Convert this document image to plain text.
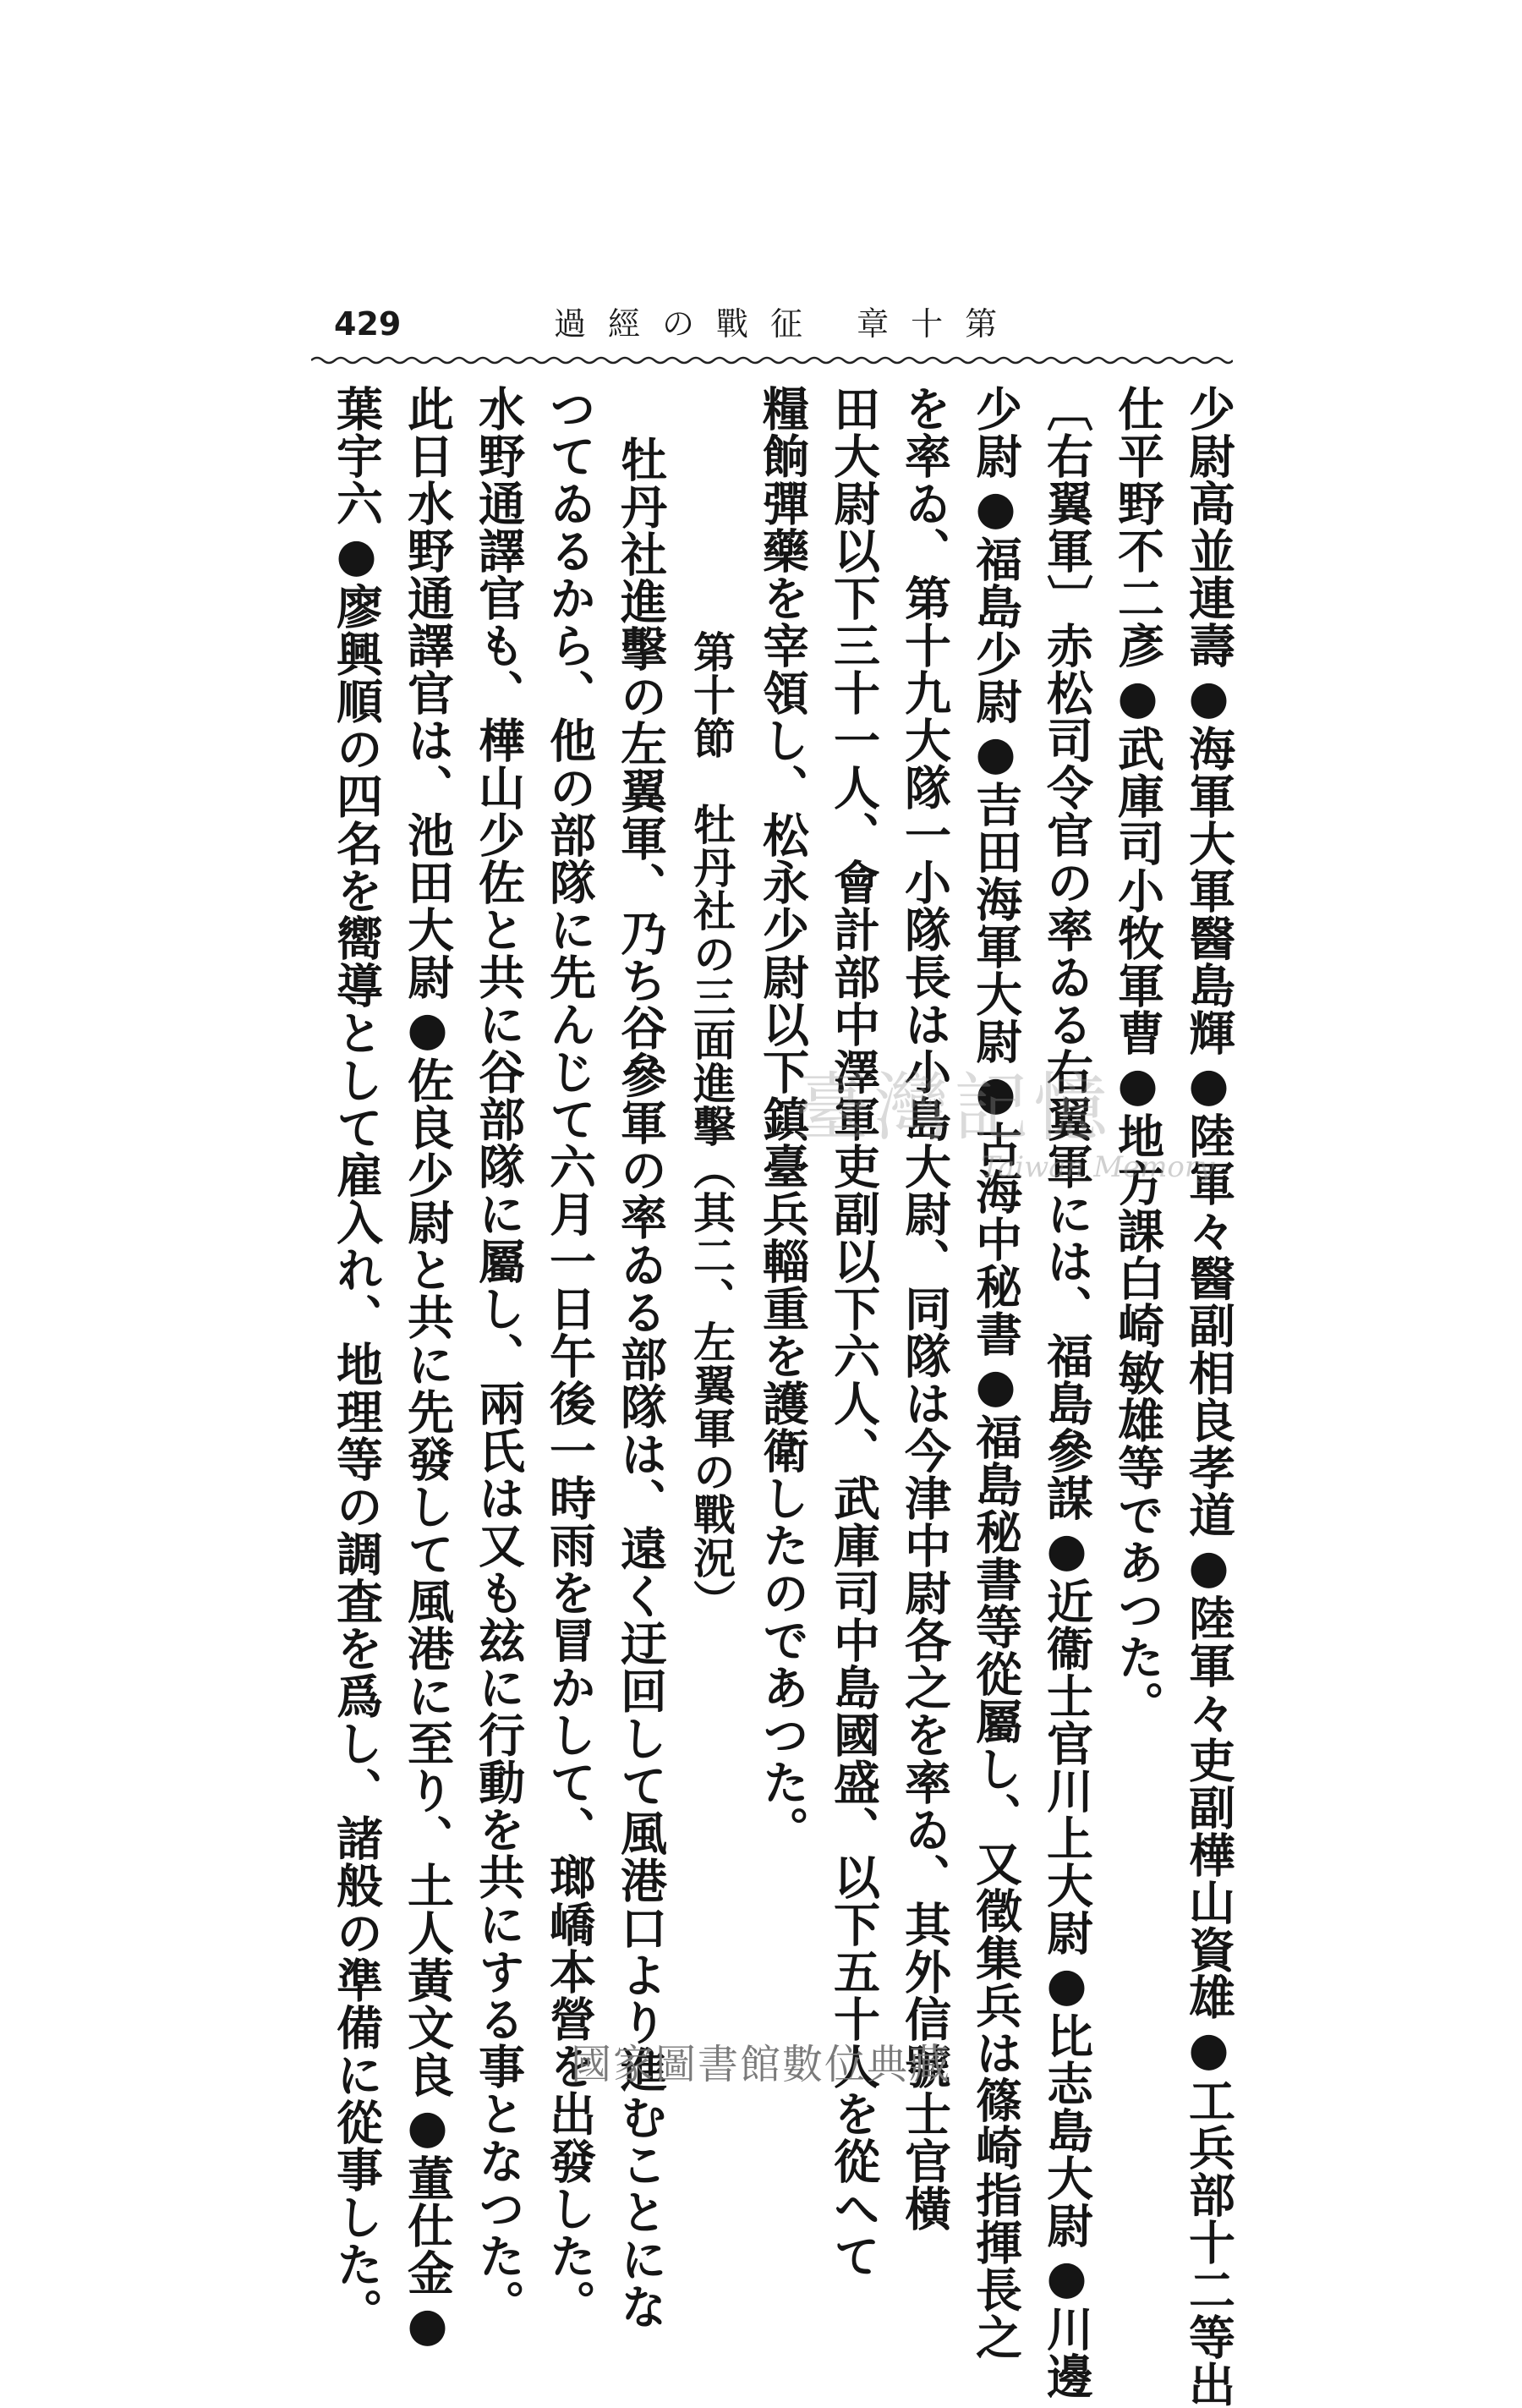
429	第十章 征戰の經過
少尉高並連壽●海軍大軍醫島輝●陸軍々醫副相良孝道●陸軍々吏副樺山資雄●工兵部十二等出
仕平野不二彥●武庫司小牧軍曹●地方課白崎敏雄等であつた。
〔右翼軍〕赤松司令官の率ゐる右翼軍には、福島參謀●近衞士官川上大尉●比志島大尉●川邊
少尉●福島少尉●吉田海軍大尉●古海中秘書●福島秘書等從屬し、又徵集兵は篠崎指揮長之
を率ゐ、第十九大隊一小隊長は小島大尉、同隊は今津中尉各之を率ゐ、其外信號士官橫
田大尉以下三十一人、會計部中澤軍吏副以下六人、武庫司中島國盛、以下五十人を從へて
糧餉彈藥を宰領し、松永少尉以下鎮臺兵輜重を護衛したのであつた。
第十節　牡丹社の三面進擊（其二、左翼軍の戰況）
牡丹社進擊の左翼軍、乃ち谷參軍の率ゐる部隊は、遠く迂回して風港口より進むことにな
つてゐるから、他の部隊に先んじて六月一日午後一時雨を冒かして、瑯嶠本營を出發した。
水野通譯官も、樺山少佐と共に谷部隊に屬し、兩氏は又も玆に行動を共にする事となつた。
此日水野通譯官は、池田大尉●佐良少尉と共に先發して風港に至り、土人黃文良●董仕金●
葉宇六●廖興順の四名を嚮導として雇入れ、地理等の調査を爲し、諸般の準備に從事した。	臺灣記憶
Taiwan Memory
國家圖書館數位典藏
